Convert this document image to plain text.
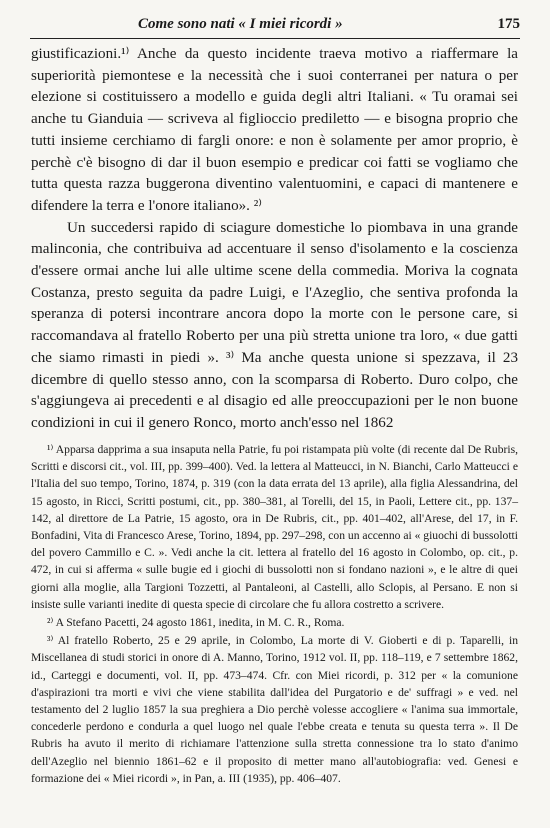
Come sono nati « I miei ricordi »	175

giustificazioni.¹⁾ Anche da questo incidente traeva motivo a riaffermare la superiorità piemontese e la necessità che i suoi conterranei per natura o per elezione si costituissero a modello e guida degli altri Italiani. « Tu oramai sei anche tu Gianduia — scriveva al figlioccio prediletto — e bisogna proprio che tutti insieme cerchiamo di fargli onore: e non è solamente per amor proprio, è perchè c'è bisogno di dar il buon esempio e predicar coi fatti se vogliamo che tutta questa razza buggerona diventino valentuomini, e capaci di mantenere e difendere la terra e l'onore italiano». ²⁾

Un succedersi rapido di sciagure domestiche lo piombava in una grande malinconia, che contribuiva ad accentuare il senso d'isolamento e la coscienza d'essere ormai anche lui alle ultime scene della commedia. Moriva la cognata Costanza, presto seguita da padre Luigi, e l'Azeglio, che sentiva profonda la speranza di potersi incontrare ancora dopo la morte con le persone care, si raccomandava al fratello Roberto per una più stretta unione tra loro, « due gatti che siamo rimasti in piedi ». ³⁾ Ma anche questa unione si spezzava, il 23 dicembre di quello stesso anno, con la scomparsa di Roberto. Duro colpo, che s'aggiungeva ai precedenti e al disagio ed alle preoccupazioni per le non buone condizioni in cui il genero Ronco, morto anch'esso nel 1862

¹⁾ Apparsa dapprima a sua insaputa nella Patrie, fu poi ristampata più volte (di recente dal De Rubris, Scritti e discorsi cit., vol. III, pp. 399–400). Ved. la lettera al Matteucci, in N. Bianchi, Carlo Matteucci e l'Italia del suo tempo, Torino, 1874, p. 319 (con la data errata del 13 aprile), alla figlia Alessandrina, del 15 agosto, in Ricci, Scritti postumi, cit., pp. 380–381, al Torelli, del 15, in Paoli, Lettere cit., pp. 137–142, al direttore de La Patrie, 15 agosto, ora in De Rubris, cit., pp. 401–402, all'Arese, del 17, in F. Bonfadini, Vita di Francesco Arese, Torino, 1894, pp. 297–298, con un accenno ai « giuochi di bussolotti del povero Cammillo e C. ». Vedi anche la cit. lettera al fratello del 16 agosto in Colombo, op. cit., p. 472, in cui si afferma « sulle bugie ed i giochi di bussolotti non si fondano nazioni », e le altre di quei giorni alla moglie, alla Targioni Tozzetti, al Pantaleoni, al Castelli, allo Sclopis, al Persano. E non si insiste sulle varianti inedite di questa specie di circolare che fu allora costretto a scrivere.

²⁾ A Stefano Pacetti, 24 agosto 1861, inedita, in M. C. R., Roma.

³⁾ Al fratello Roberto, 25 e 29 aprile, in Colombo, La morte di V. Gioberti e di p. Taparelli, in Miscellanea di studi storici in onore di A. Manno, Torino, 1912 vol. II, pp. 118–119, e 7 settembre 1862, id., Carteggi e documenti, vol. II, pp. 473–474. Cfr. con Miei ricordi, p. 312 per « la comunione d'aspirazioni tra morti e vivi che viene stabilita dall'idea del Purgatorio e de' suffragi » e ved. nel testamento del 2 luglio 1857 la sua preghiera a Dio perchè volesse accogliere « l'anima sua immortale, concederle perdono e condurla a quel luogo nel quale l'ebbe creata e tenuta su questa terra ». Il De Rubris ha avuto il merito di richiamare l'attenzione sulla stretta connessione tra lo stato d'animo dell'Azeglio nel biennio 1861–62 e il proposito di metter mano all'autobiografia: ved. Genesi e formazione dei « Miei ricordi », in Pan, a. III (1935), pp. 406–407.
